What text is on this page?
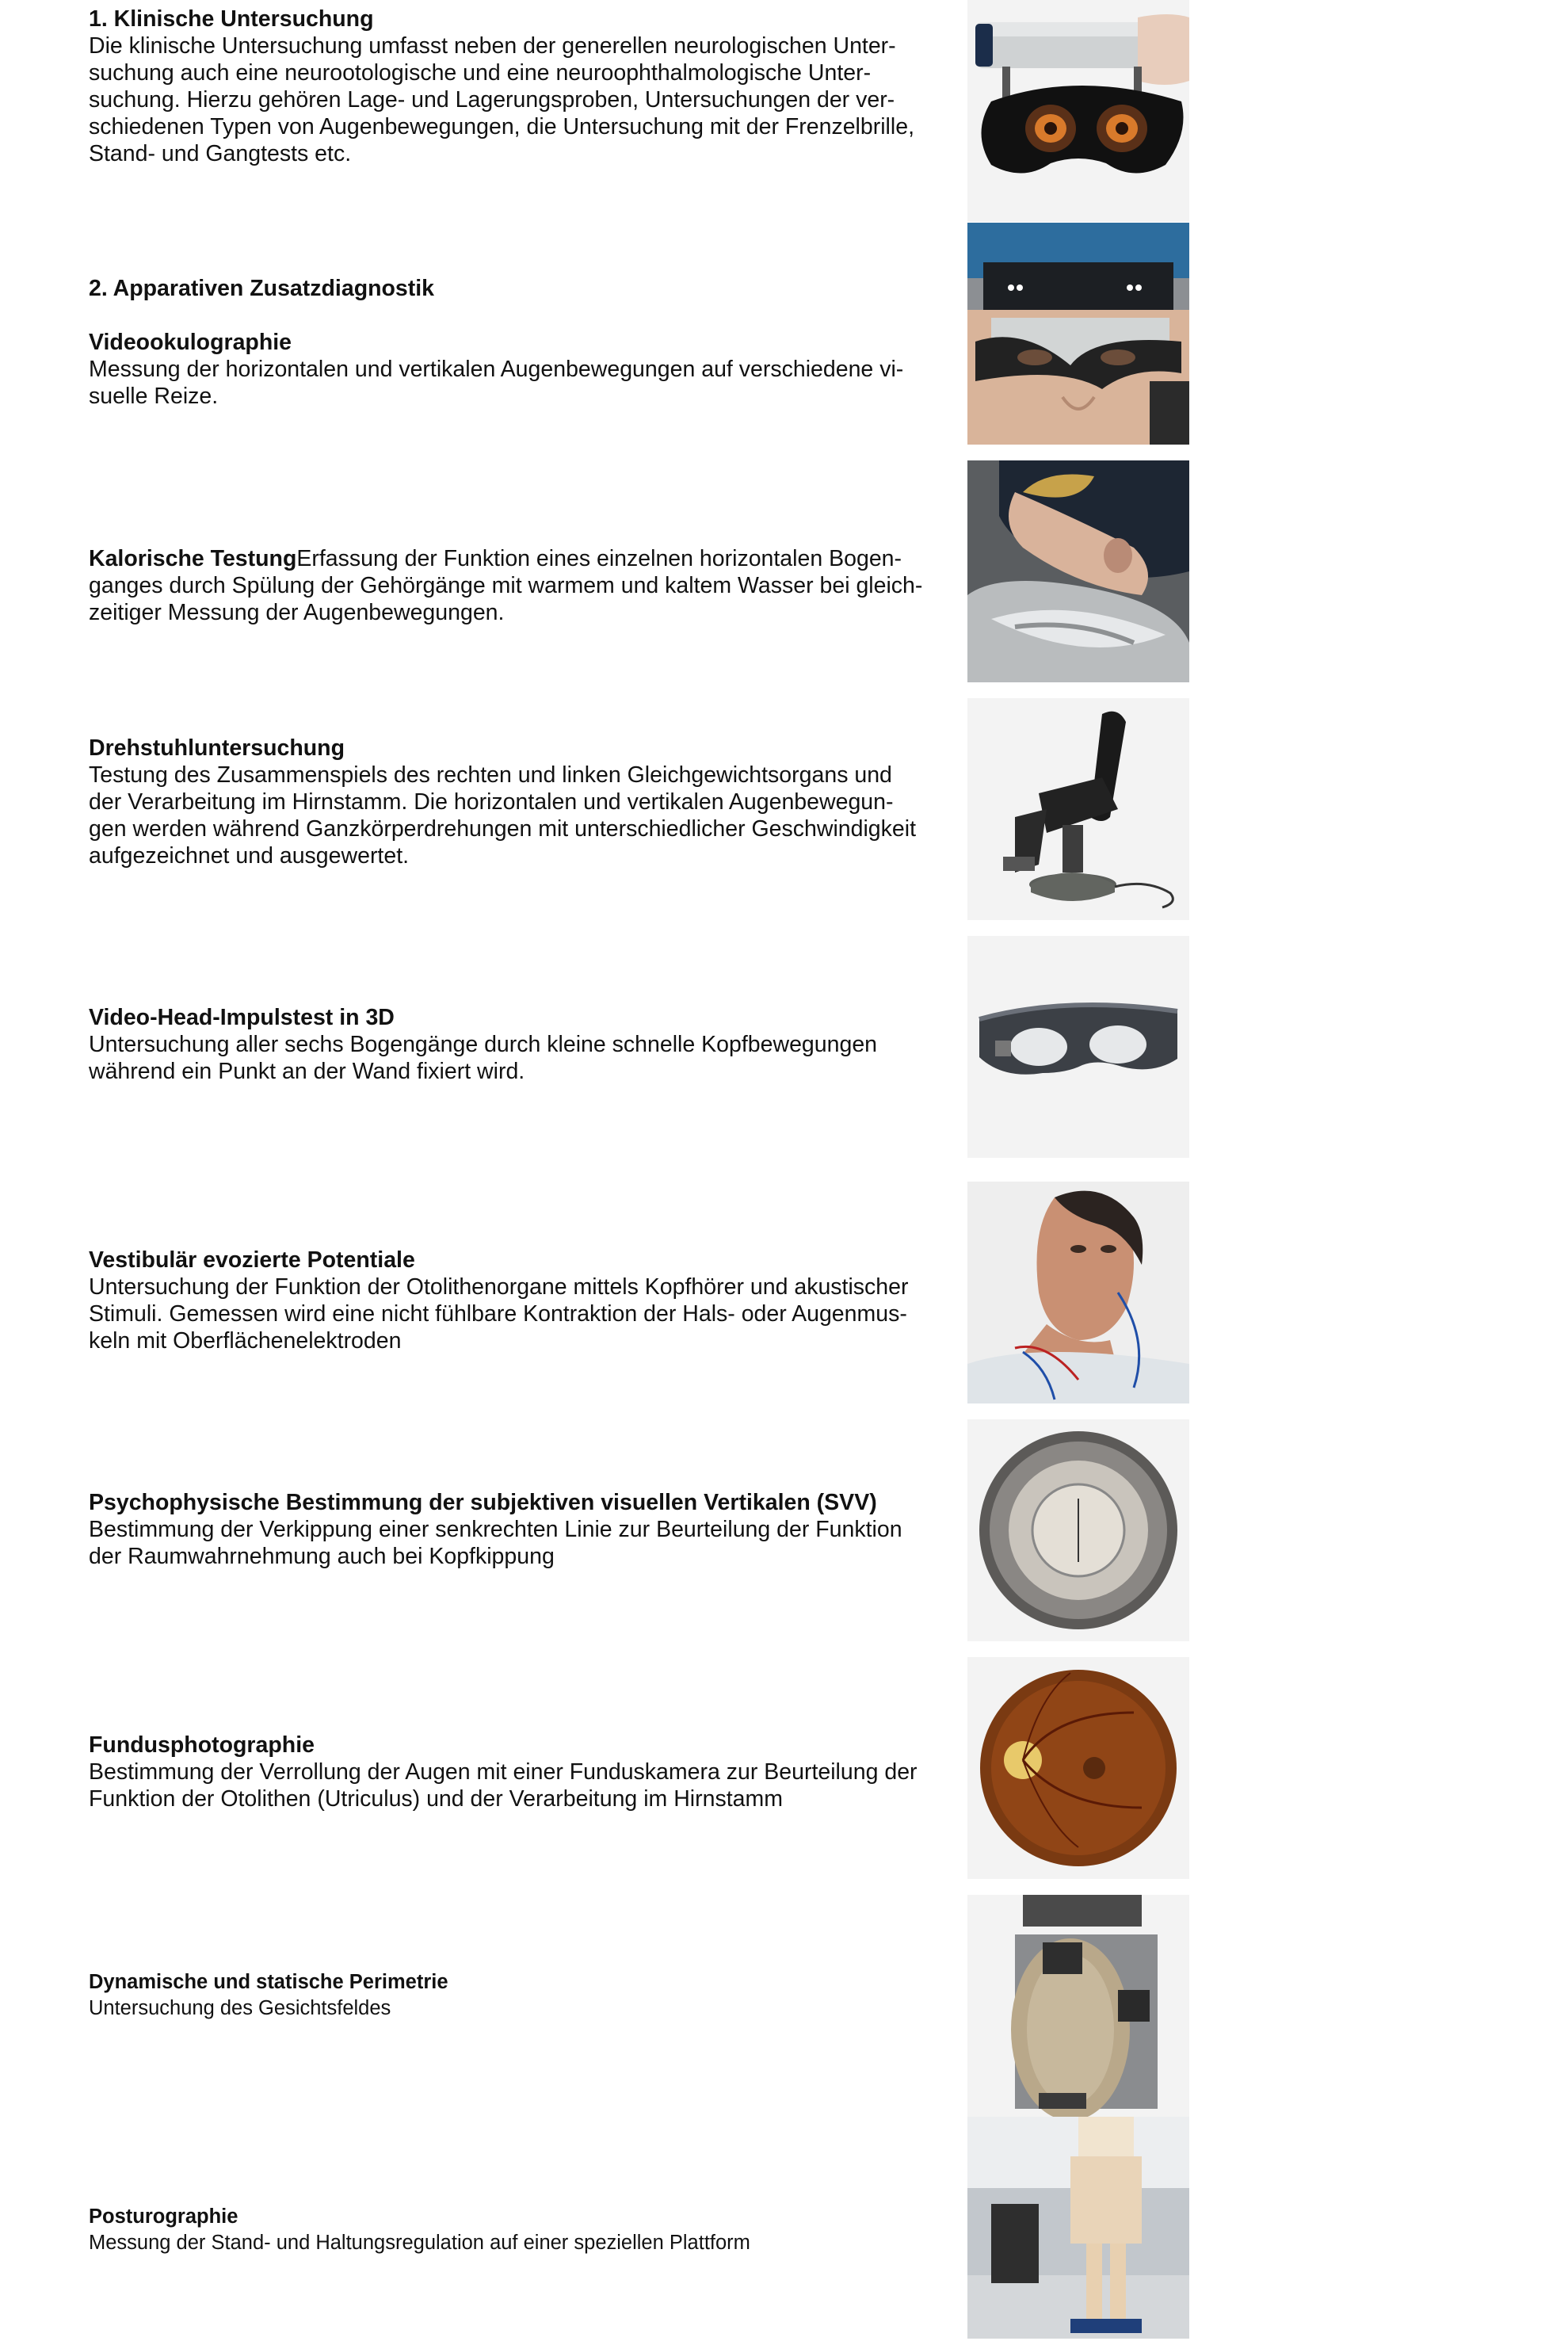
1. Klinische Untersuchung
Die klinische Untersuchung umfasst neben der generellen neurologischen Unter-
suchung auch eine neurootologische und eine neuroophthalmologische Unter-
suchung. Hierzu gehören Lage- und Lagerungsproben, Untersuchungen der ver-
schiedenen Typen von Augenbewegungen, die Untersuchung mit der Frenzelbrille,
Stand- und Gangtests etc.
2. Apparativen Zusatzdiagnostik
Videookulographie
Messung der horizontalen und vertikalen Augenbewegungen auf verschiedene vi-
suelle Reize.
Kalorische TestungErfassung der Funktion eines einzelnen horizontalen Bogen-
ganges durch Spülung der Gehörgänge mit warmem und kaltem Wasser bei gleich-
zeitiger Messung der Augenbewegungen.
Drehstuhluntersuchung
Testung des Zusammenspiels des rechten und linken Gleichgewichtsorgans und
der Verarbeitung im Hirnstamm. Die horizontalen und vertikalen Augenbewegun-
gen werden während Ganzkörperdrehungen mit unterschiedlicher Geschwindigkeit
aufgezeichnet und ausgewertet.
Video-Head-Impulstest in 3D
Untersuchung aller sechs Bogengänge durch kleine schnelle Kopfbewegungen
während ein Punkt an der Wand fixiert wird.
Vestibulär evozierte Potentiale
Untersuchung der Funktion der Otolithenorgane mittels Kopfhörer und akustischer
Stimuli. Gemessen wird eine nicht fühlbare Kontraktion der Hals- oder Augenmus-
keln mit Oberflächenelektroden
Psychophysische Bestimmung der subjektiven visuellen Vertikalen (SVV)
Bestimmung der Verkippung einer senkrechten Linie zur Beurteilung der Funktion
der Raumwahrnehmung auch bei Kopfkippung
Fundusphotographie
Bestimmung der Verrollung der Augen mit einer Funduskamera zur Beurteilung der
Funktion der Otolithen (Utriculus) und der Verarbeitung im Hirnstamm
Dynamische und statische Perimetrie
Untersuchung des Gesichtsfeldes
Posturographie
Messung der Stand- und Haltungsregulation auf einer speziellen Plattform
